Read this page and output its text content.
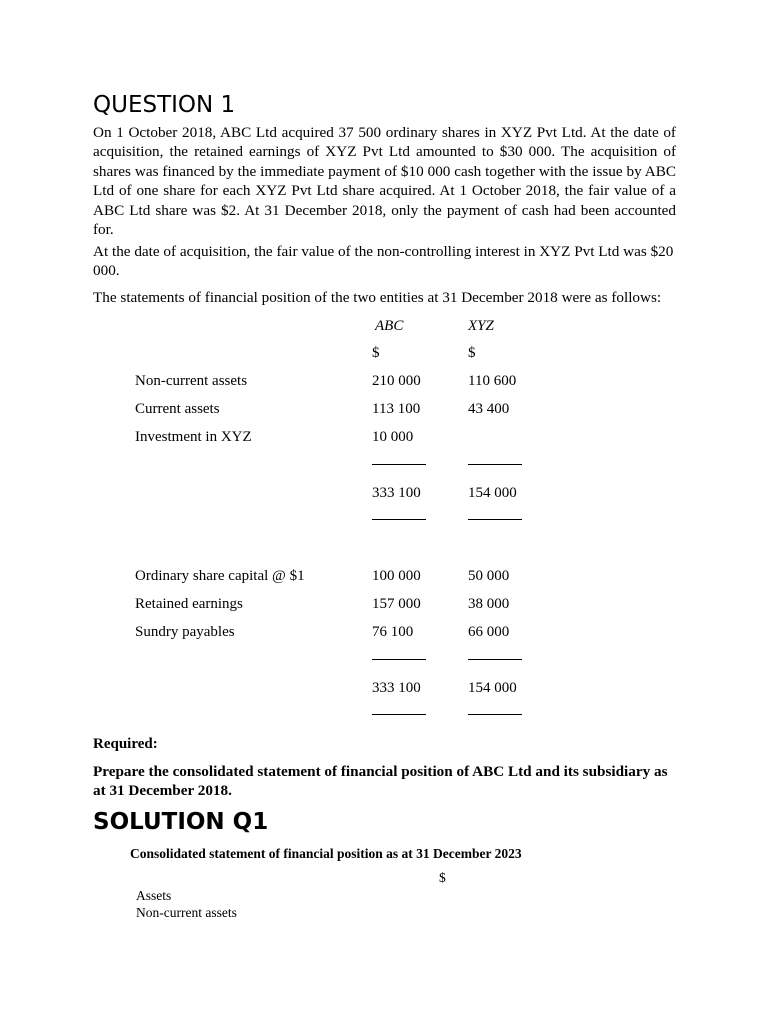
QUESTION 1

On 1 October 2018, ABC Ltd acquired 37 500 ordinary shares in XYZ Pvt Ltd. At the date of acquisition, the retained earnings of XYZ Pvt Ltd amounted to $30 000. The acquisition of shares was financed by the immediate payment of $10 000 cash together with the issue by ABC Ltd of one share for each XYZ Pvt Ltd share acquired. At 1 October 2018, the fair value of a ABC Ltd share was $2. At 31 December 2018, only the payment of cash had been accounted for.

At the date of acquisition, the fair value of the non-controlling interest in XYZ Pvt Ltd was $20 000.

The statements of financial position of the two entities at 31 December 2018 were as follows:

ABC	XYZ
$	$
Non-current assets	210 000	110 600
Current assets	113 100	43 400
Investment in XYZ	10 000
333 100	154 000
Ordinary share capital @ $1	100 000	50 000
Retained earnings	157 000	38 000
Sundry payables	76 100	66 000
333 100	154 000
Required:

Prepare the consolidated statement of financial position of ABC Ltd and its subsidiary as at 31 December 2018.

SOLUTION Q1
Consolidated statement of financial position as at 31 December 2023
$
Assets
Non-current assets
